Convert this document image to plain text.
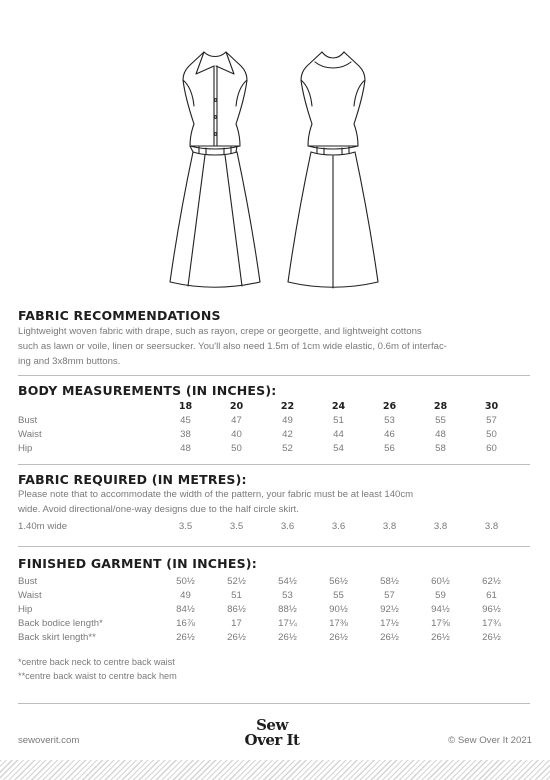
FABRIC RECOMMENDATIONS
Lightweight woven fabric with drape, such as rayon, crepe or georgette, and lightweight cottons
such as lawn or voile, linen or seersucker. You'll also need 1.5m of 1cm wide elastic, 0.6m of interfac-
ing and 3x8mm buttons.
BODY MEASUREMENTS (IN INCHES):
	18	20	22	24	26	28	30
Bust	45	47	49	51	53	55	57
Waist	38	40	42	44	46	48	50
Hip	48	50	52	54	56	58	60
FABRIC REQUIRED (IN METRES):
Please note that to accommodate the width of the pattern, your fabric must be at least 140cm
wide. Avoid directional/one-way designs due to the half circle skirt.
1.40m wide	3.5	3.5	3.6	3.6	3.8	3.8	3.8
FINISHED GARMENT (IN INCHES):
Bust	50½	52½	54½	56½	58½	60½	62½
Waist	49	51	53	55	57	59	61
Hip	84½	86½	88½	90½	92½	94½	96½
Back bodice length*	16⅞	17	17¼	17⅜	17½	17⅝	17¾
Back skirt length**	26½	26½	26½	26½	26½	26½	26½

*centre back neck to centre back waist

**centre back waist to centre back hem

sewoverit.com
Sew
Over It	© Sew Over It 2021
